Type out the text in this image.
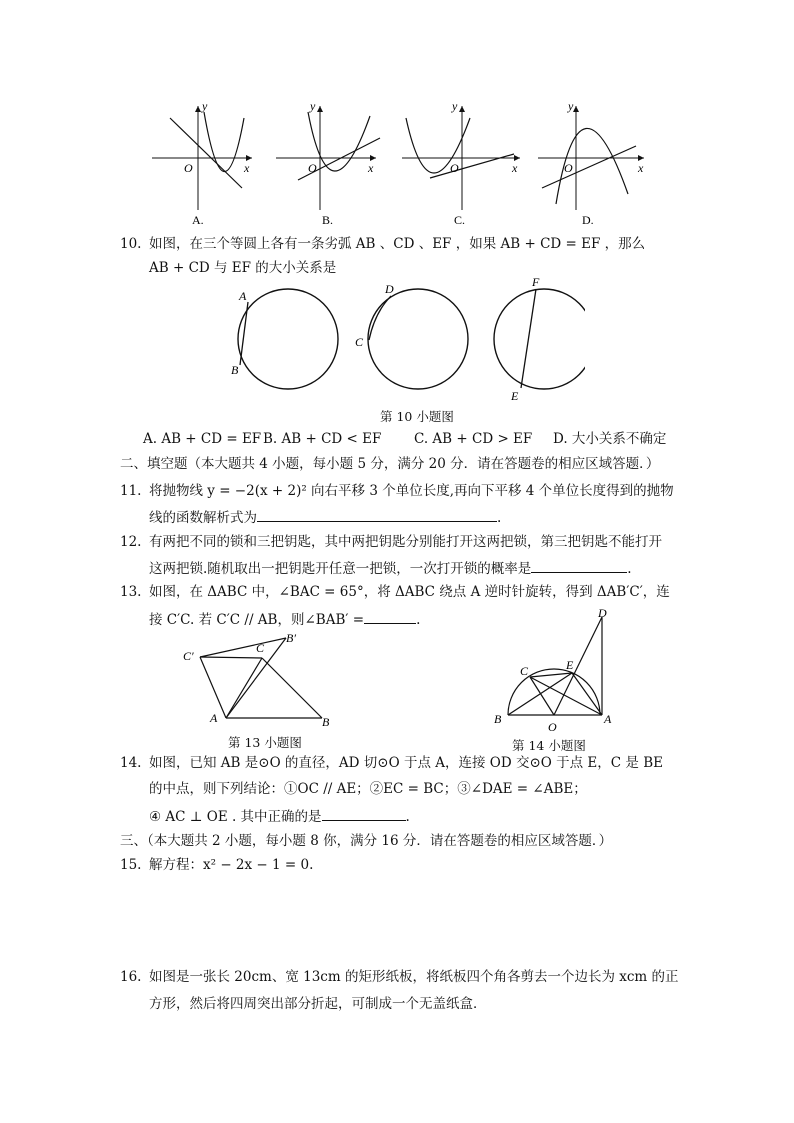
O	x
y
A.
O	x
y
B.
O	x
y
C.
O	x
y
D.
10. 如图，在三个等圆上各有一条劣弧 AB 、CD 、EF ，如果 AB + CD = EF ，那么
AB + CD 与 EF 的大小关系是
A
B
D
C
F
E
第 10 小题图
A. AB + CD = EF B. AB + CD < EF C. AB + CD > EF D. 大小关系不确定
二、填空题（本大题共 4 小题，每小题 5 分，满分 20 分．请在答题卷的相应区域答题．）
11. 将抛物线 y = −2(x + 2)² 向右平移 3 个单位长度,再向下平移 4 个单位长度得到的抛物
线的函数解析式为	.
12. 有两把不同的锁和三把钥匙，其中两把钥匙分别能打开这两把锁，第三把钥匙不能打开
这两把锁.随机取出一把钥匙开任意一把锁，一次打开锁的概率是	.
13. 如图，在 ΔABC 中，∠BAC = 65°，将 ΔABC 绕点 A 逆时针旋转，得到 ΔAB′C′，连
接 C′C. 若 C′C // AB，则∠BAB′ =	.
C′
C
B′
A	B
第 13 小题图
D
C	E
B
O
A
第 14 小题图
14. 如图，已知 AB 是⊙O 的直径，AD 切⊙O 于点 A，连接 OD 交⊙O 于点 E，C 是 BE
的中点，则下列结论：①OC // AE；②EC = BC；③∠DAE = ∠ABE；
④ AC ⊥ OE . 其中正确的是	.
三、（本大题共 2 小题，每小题 8 你，满分 16 分．请在答题卷的相应区域答题．）
15. 解方程：x² − 2x − 1 = 0.
16. 如图是一张长 20cm、宽 13cm 的矩形纸板，将纸板四个角各剪去一个边长为 xcm 的正
方形，然后将四周突出部分折起，可制成一个无盖纸盒．
